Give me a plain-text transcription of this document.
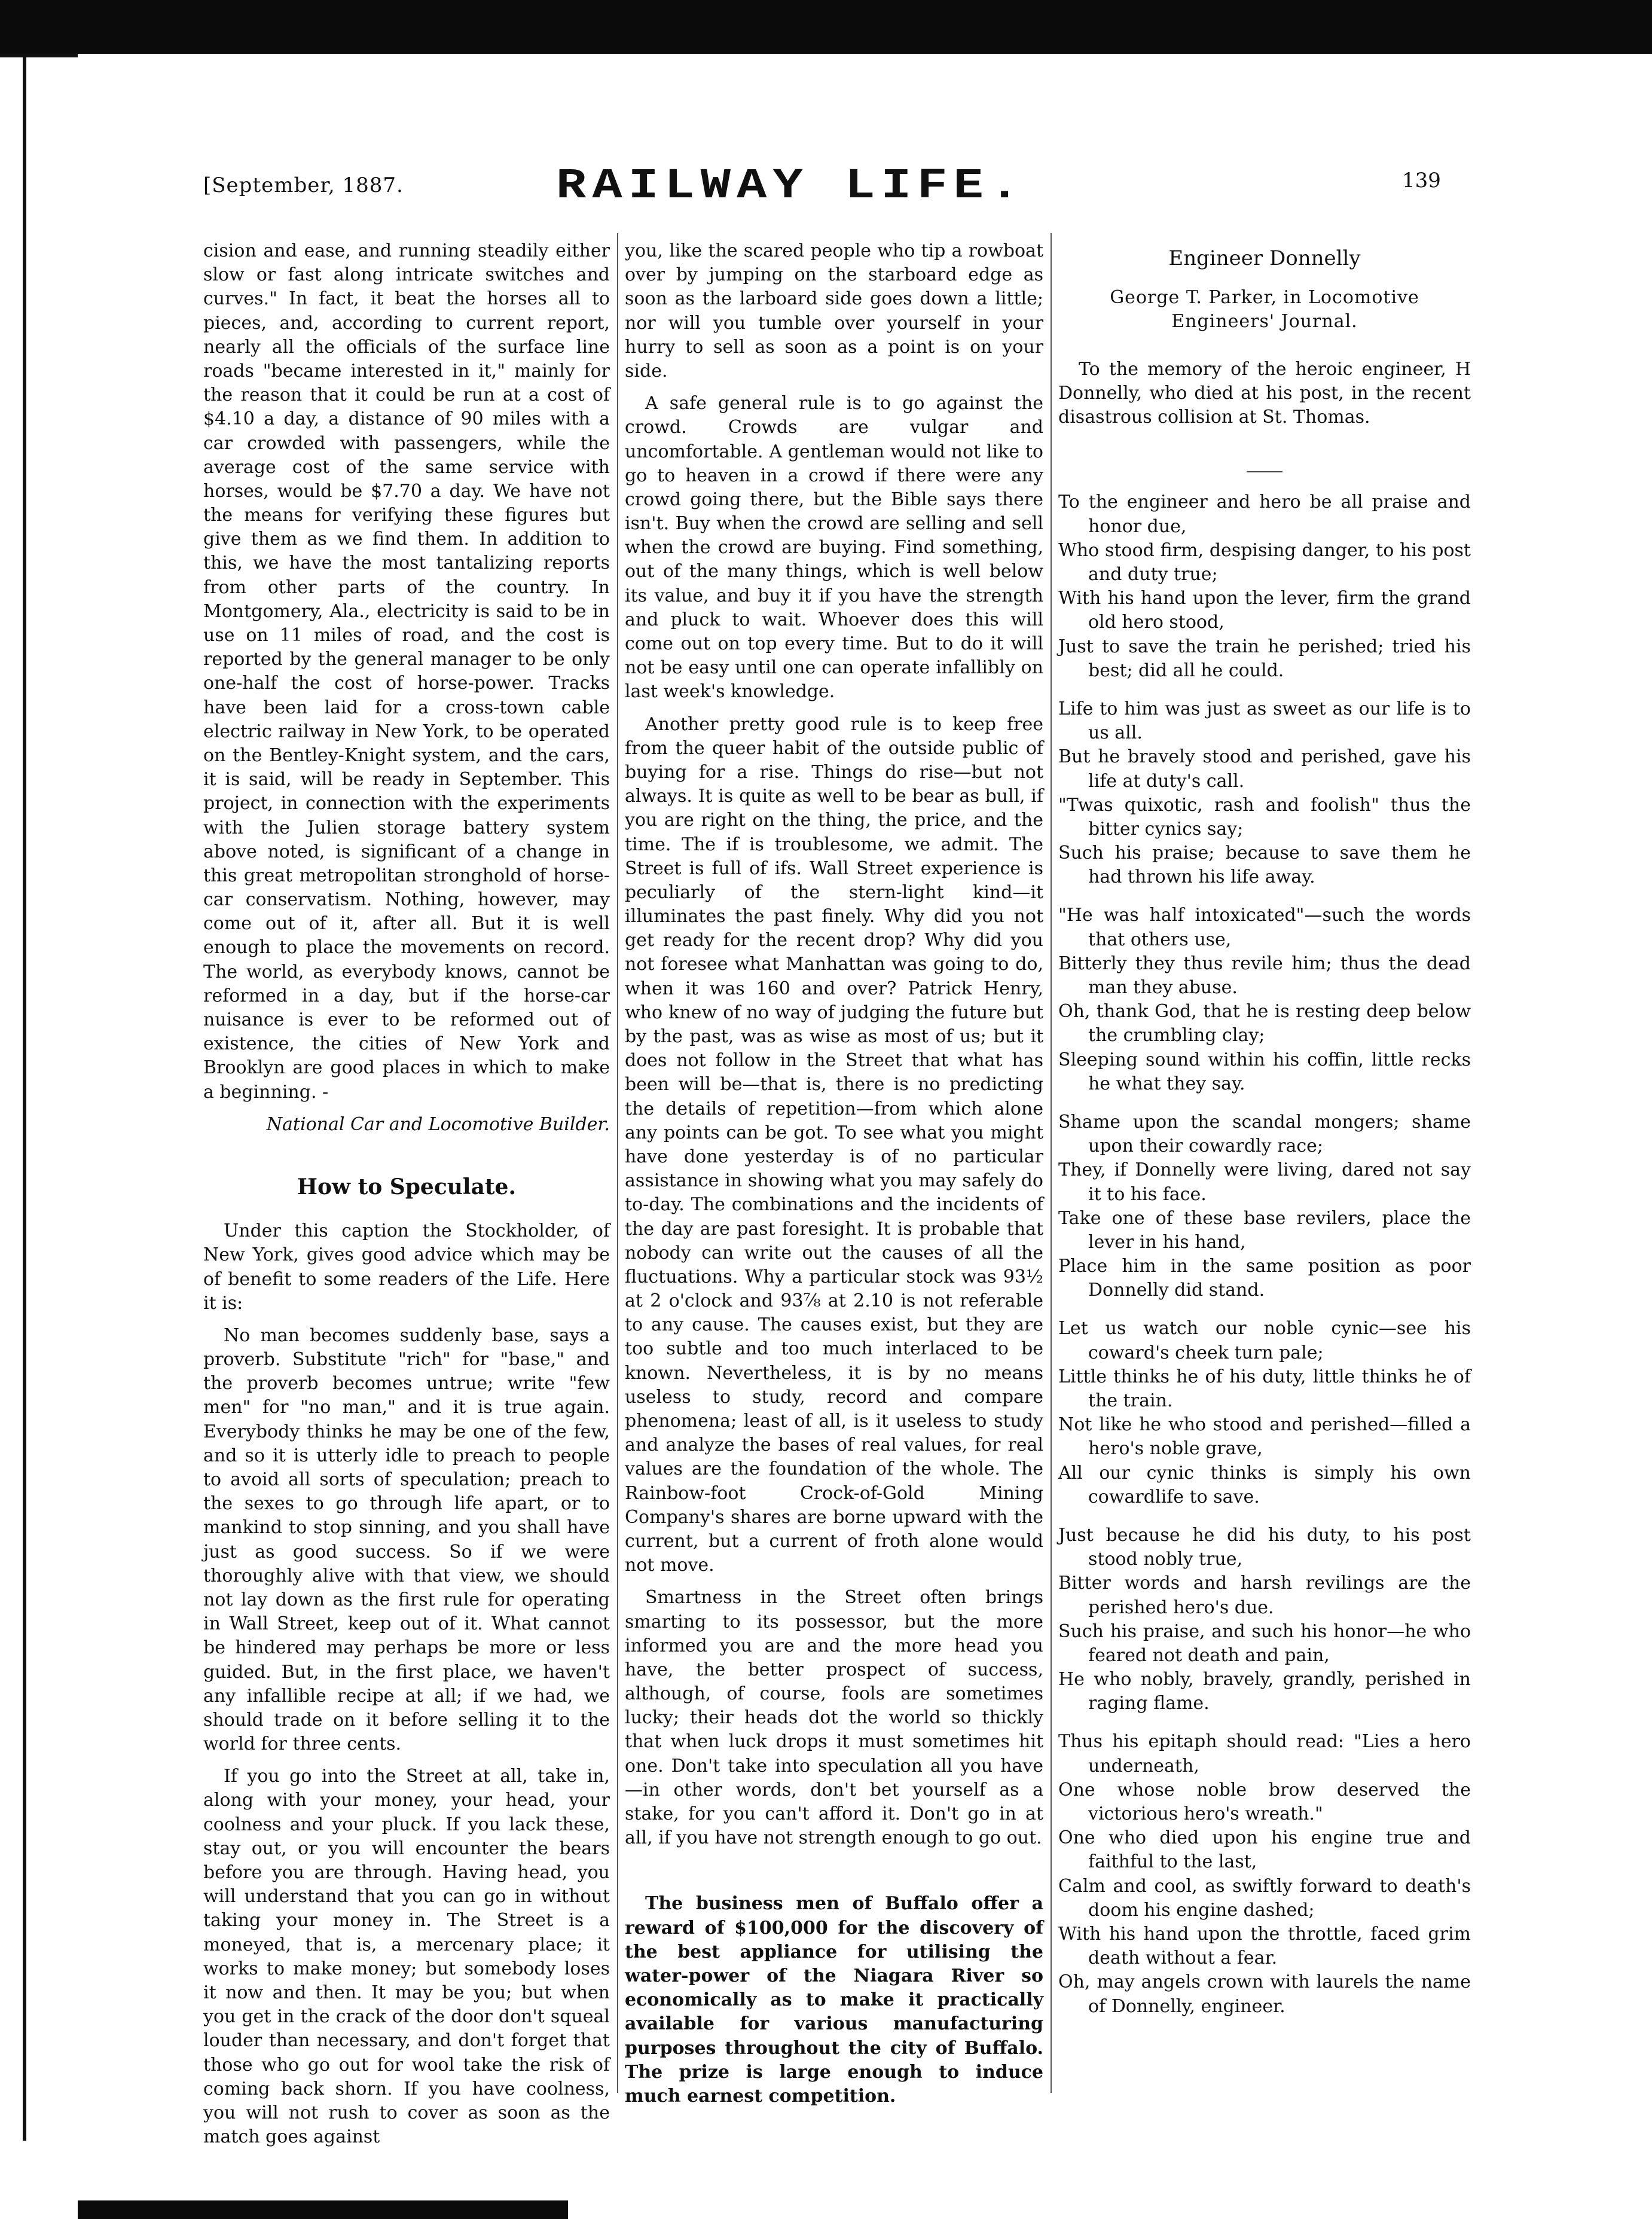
[September, 1887.	RAILWAY LIFE.	139

cision and ease, and running steadily either slow or fast along intricate switches and curves." In fact, it beat the horses all to pieces, and, according to current report, nearly all the officials of the surface line roads "became interested in it," mainly for the reason that it could be run at a cost of $4.10 a day, a distance of 90 miles with a car crowded with passengers, while the average cost of the same service with horses, would be $7.70 a day. We have not the means for verifying these figures but give them as we find them. In addition to this, we have the most tantalizing reports from other parts of the country. In Montgomery, Ala., electricity is said to be in use on 11 miles of road, and the cost is reported by the general manager to be only one-half the cost of horse-power. Tracks have been laid for a cross-town cable electric railway in New York, to be operated on the Bentley-Knight system, and the cars, it is said, will be ready in September. This project, in connection with the experiments with the Julien storage battery system above noted, is significant of a change in this great metropolitan stronghold of horse-car conservatism. Nothing, however, may come out of it, after all. But it is well enough to place the movements on record. The world, as everybody knows, cannot be reformed in a day, but if the horse-car nuisance is ever to be reformed out of existence, the cities of New York and Brooklyn are good places in which to make a beginning. -

National Car and Locomotive Builder.
How to Speculate.

Under this caption the Stockholder, of New York, gives good advice which may be of benefit to some readers of the Life. Here it is:

No man becomes suddenly base, says a proverb. Substitute "rich" for "base," and the proverb becomes untrue; write "few men" for "no man," and it is true again. Everybody thinks he may be one of the few, and so it is utterly idle to preach to people to avoid all sorts of speculation; preach to the sexes to go through life apart, or to mankind to stop sinning, and you shall have just as good success. So if we were thoroughly alive with that view, we should not lay down as the first rule for operating in Wall Street, keep out of it. What cannot be hindered may perhaps be more or less guided. But, in the first place, we haven't any infallible recipe at all; if we had, we should trade on it before selling it to the world for three cents.

If you go into the Street at all, take in, along with your money, your head, your coolness and your pluck. If you lack these, stay out, or you will encounter the bears before you are through. Having head, you will understand that you can go in without taking your money in. The Street is a moneyed, that is, a mercenary place; it works to make money; but somebody loses it now and then. It may be you; but when you get in the crack of the door don't squeal louder than necessary, and don't forget that those who go out for wool take the risk of coming back shorn. If you have coolness, you will not rush to cover as soon as the match goes against

you, like the scared people who tip a rowboat over by jumping on the starboard edge as soon as the larboard side goes down a little; nor will you tumble over yourself in your hurry to sell as soon as a point is on your side.

A safe general rule is to go against the crowd. Crowds are vulgar and uncomfortable. A gentleman would not like to go to heaven in a crowd if there were any crowd going there, but the Bible says there isn't. Buy when the crowd are selling and sell when the crowd are buying. Find something, out of the many things, which is well below its value, and buy it if you have the strength and pluck to wait. Whoever does this will come out on top every time. But to do it will not be easy until one can operate infallibly on last week's knowledge.

Another pretty good rule is to keep free from the queer habit of the outside public of buying for a rise. Things do rise—but not always. It is quite as well to be bear as bull, if you are right on the thing, the price, and the time. The if is troublesome, we admit. The Street is full of ifs. Wall Street experience is peculiarly of the stern-light kind—it illuminates the past finely. Why did you not get ready for the recent drop? Why did you not foresee what Manhattan was going to do, when it was 160 and over? Patrick Henry, who knew of no way of judging the future but by the past, was as wise as most of us; but it does not follow in the Street that what has been will be—that is, there is no predicting the details of repetition—from which alone any points can be got. To see what you might have done yesterday is of no particular assistance in showing what you may safely do to-day. The combinations and the incidents of the day are past foresight. It is probable that nobody can write out the causes of all the fluctuations. Why a particular stock was 93½ at 2 o'clock and 93⅞ at 2.10 is not referable to any cause. The causes exist, but they are too subtle and too much interlaced to be known. Nevertheless, it is by no means useless to study, record and compare phenomena; least of all, is it useless to study and analyze the bases of real values, for real values are the foundation of the whole. The Rainbow-foot Crock-of-Gold Mining Company's shares are borne upward with the current, but a current of froth alone would not move.

Smartness in the Street often brings smarting to its possessor, but the more informed you are and the more head you have, the better prospect of success, although, of course, fools are sometimes lucky; their heads dot the world so thickly that when luck drops it must sometimes hit one. Don't take into speculation all you have—in other words, don't bet yourself as a stake, for you can't afford it. Don't go in at all, if you have not strength enough to go out.

The business men of Buffalo offer a reward of $100,000 for the discovery of the best appliance for utilising the water-power of the Niagara River so economically as to make it practically available for various manufacturing purposes throughout the city of Buffalo. The prize is large enough to induce much earnest competition.

Engineer Donnelly
George T. Parker, in Locomotive Engineers' Journal.

To the memory of the heroic engineer, H Donnelly, who died at his post, in the recent disastrous collision at St. Thomas.

To the engineer and hero be all praise and honor due,
Who stood firm, despising danger, to his post and duty true;
With his hand upon the lever, firm the grand old hero stood,
Just to save the train he perished; tried his best; did all he could.
Life to him was just as sweet as our life is to us all.
But he bravely stood and perished, gave his life at duty's call.
"Twas quixotic, rash and foolish" thus the bitter cynics say;
Such his praise; because to save them he had thrown his life away.
"He was half intoxicated"—such the words that others use,
Bitterly they thus revile him; thus the dead man they abuse.
Oh, thank God, that he is resting deep below the crumbling clay;
Sleeping sound within his coffin, little recks he what they say.
Shame upon the scandal mongers; shame upon their cowardly race;
They, if Donnelly were living, dared not say it to his face.
Take one of these base revilers, place the lever in his hand,
Place him in the same position as poor Donnelly did stand.
Let us watch our noble cynic—see his coward's cheek turn pale;
Little thinks he of his duty, little thinks he of the train.
Not like he who stood and perished—filled a hero's noble grave,
All our cynic thinks is simply his own cowardlife to save.
Just because he did his duty, to his post stood nobly true,
Bitter words and harsh revilings are the perished hero's due.
Such his praise, and such his honor—he who feared not death and pain,
He who nobly, bravely, grandly, perished in raging flame.
Thus his epitaph should read: "Lies a hero underneath,
One whose noble brow deserved the victorious hero's wreath."
One who died upon his engine true and faithful to the last,
Calm and cool, as swiftly forward to death's doom his engine dashed;
With his hand upon the throttle, faced grim death without a fear.
Oh, may angels crown with laurels the name of Donnelly, engineer.
